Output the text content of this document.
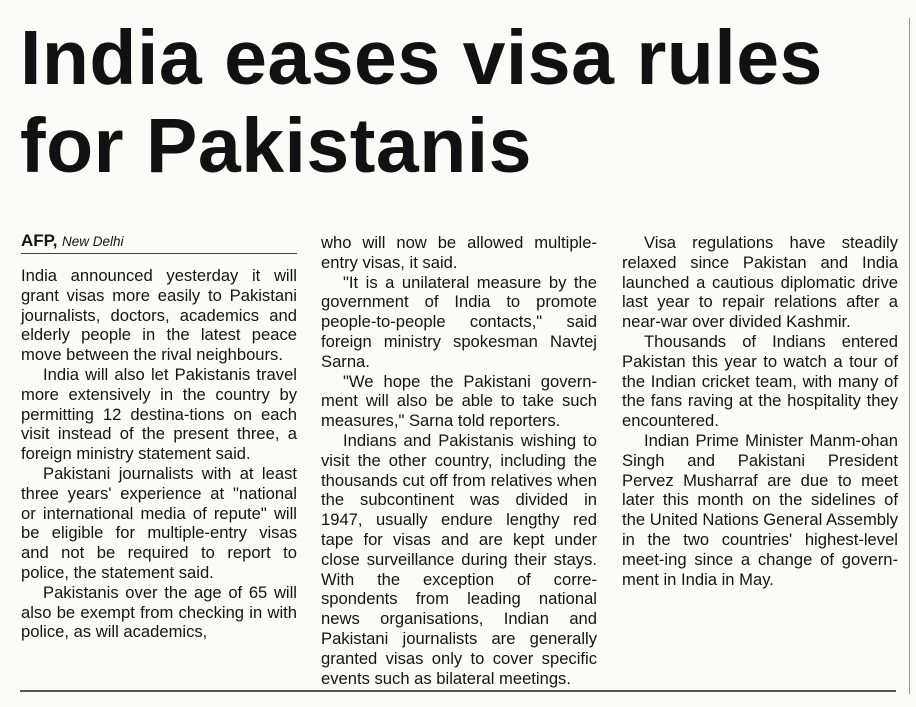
India eases visa rules
for Pakistanis
AFP, New Delhi

India announced yesterday it will grant visas more easily to Pakistani journalists, doctors, academics and elderly people in the latest peace move between the rival neighbours.

India will also let Pakistanis travel more extensively in the country by permitting 12 destina-tions on each visit instead of the present three, a foreign ministry statement said.

Pakistani journalists with at least three years' experience at "national or international media of repute" will be eligible for multiple-entry visas and not be required to report to police, the statement said.

Pakistanis over the age of 65 will also be exempt from checking in with police, as will academics,

who will now be allowed multiple-entry visas, it said.

"It is a unilateral measure by the government of India to promote people-to-people contacts," said foreign ministry spokesman Navtej Sarna.

"We hope the Pakistani govern-ment will also be able to take such measures," Sarna told reporters.

Indians and Pakistanis wishing to visit the other country, including the thousands cut off from relatives when the subcontinent was divided in 1947, usually endure lengthy red tape for visas and are kept under close surveillance during their stays. With the exception of corre-spondents from leading national news organisations, Indian and Pakistani journalists are generally granted visas only to cover specific events such as bilateral meetings.

Visa regulations have steadily relaxed since Pakistan and India launched a cautious diplomatic drive last year to repair relations after a near-war over divided Kashmir.

Thousands of Indians entered Pakistan this year to watch a tour of the Indian cricket team, with many of the fans raving at the hospitality they encountered.

Indian Prime Minister Manm-ohan Singh and Pakistani President Pervez Musharraf are due to meet later this month on the sidelines of the United Nations General Assembly in the two countries' highest-level meet-ing since a change of govern-ment in India in May.
